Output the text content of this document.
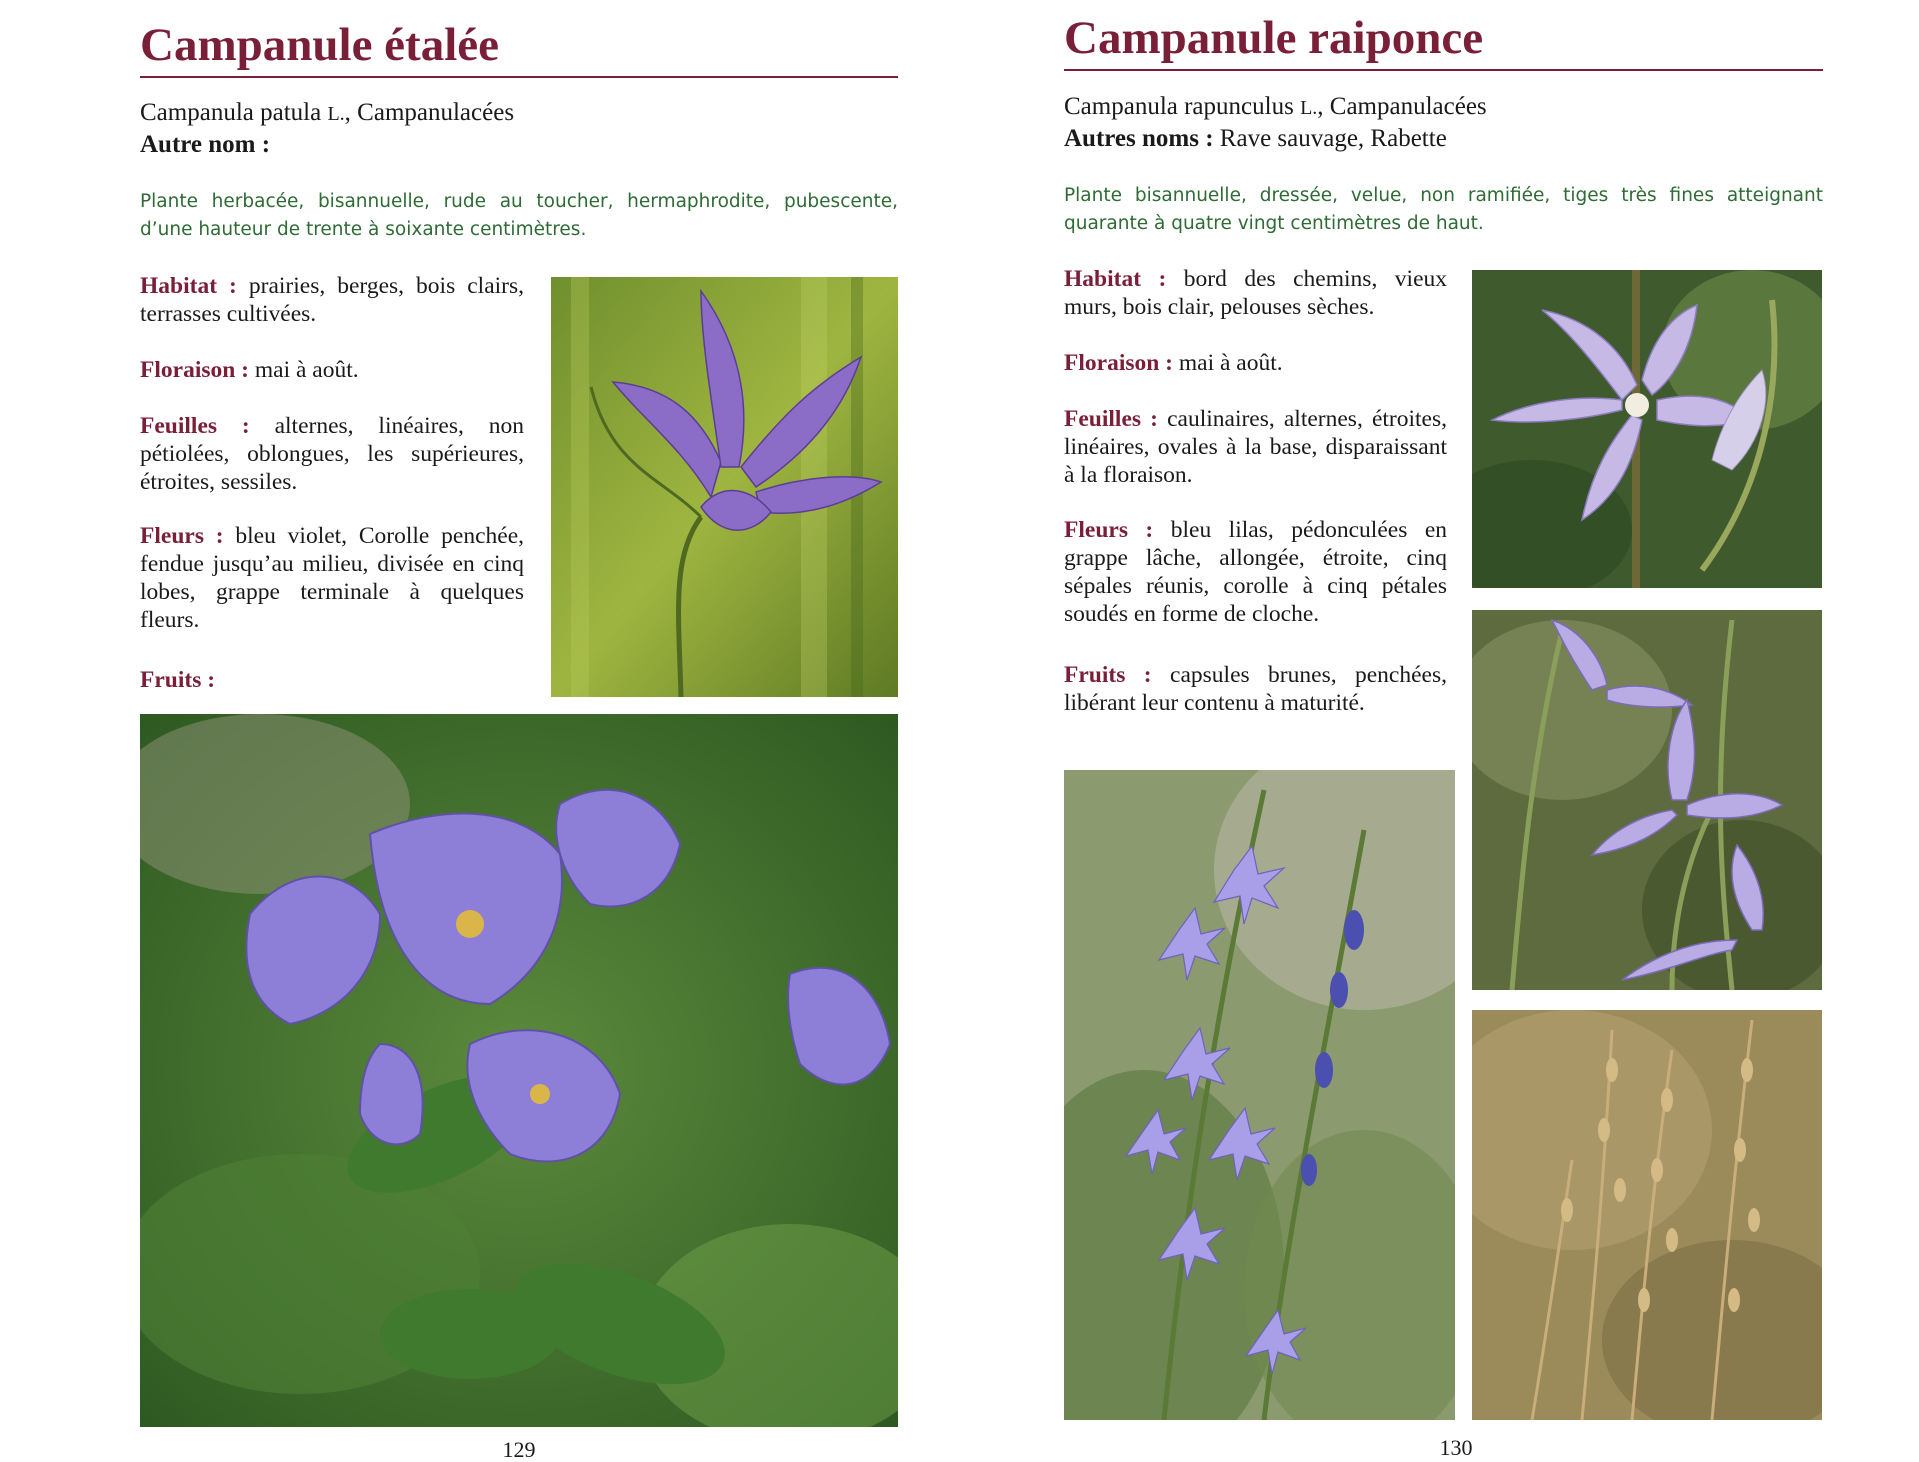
Campanule étalée
Campanula patula L., Campanulacées
Autre nom :

Plante herbacée, bisannuelle, rude au toucher, hermaphrodite, pubescente, d’une hauteur de trente à soixante centimètres.

Habitat : prairies, berges, bois clairs, terrasses cultivées.

Floraison : mai à août.

Feuilles : alternes, linéaires, non pétiolées, oblongues, les supérieures, étroites, sessiles.

Fleurs : bleu violet, Corolle penchée, fendue jusqu’au milieu, divisée en cinq lobes, grappe terminale à quelques fleurs.

Fruits :

129
Campanule raiponce
Campanula rapunculus L., Campanulacées
Autres noms : Rave sauvage, Rabette

Plante bisannuelle, dressée, velue, non ramifiée, tiges très fines atteignant quarante à quatre vingt centimètres de haut.

Habitat : bord des chemins, vieux murs, bois clair, pelouses sèches.

Floraison : mai à août.

Feuilles : caulinaires, alternes, étroites, linéaires, ovales à la base, disparaissant à la floraison.

Fleurs : bleu lilas, pédonculées en grappe lâche, allongée, étroite, cinq sépales réunis, corolle à cinq pétales soudés en forme de cloche.

Fruits : capsules brunes, penchées, libérant leur contenu à maturité.

130
